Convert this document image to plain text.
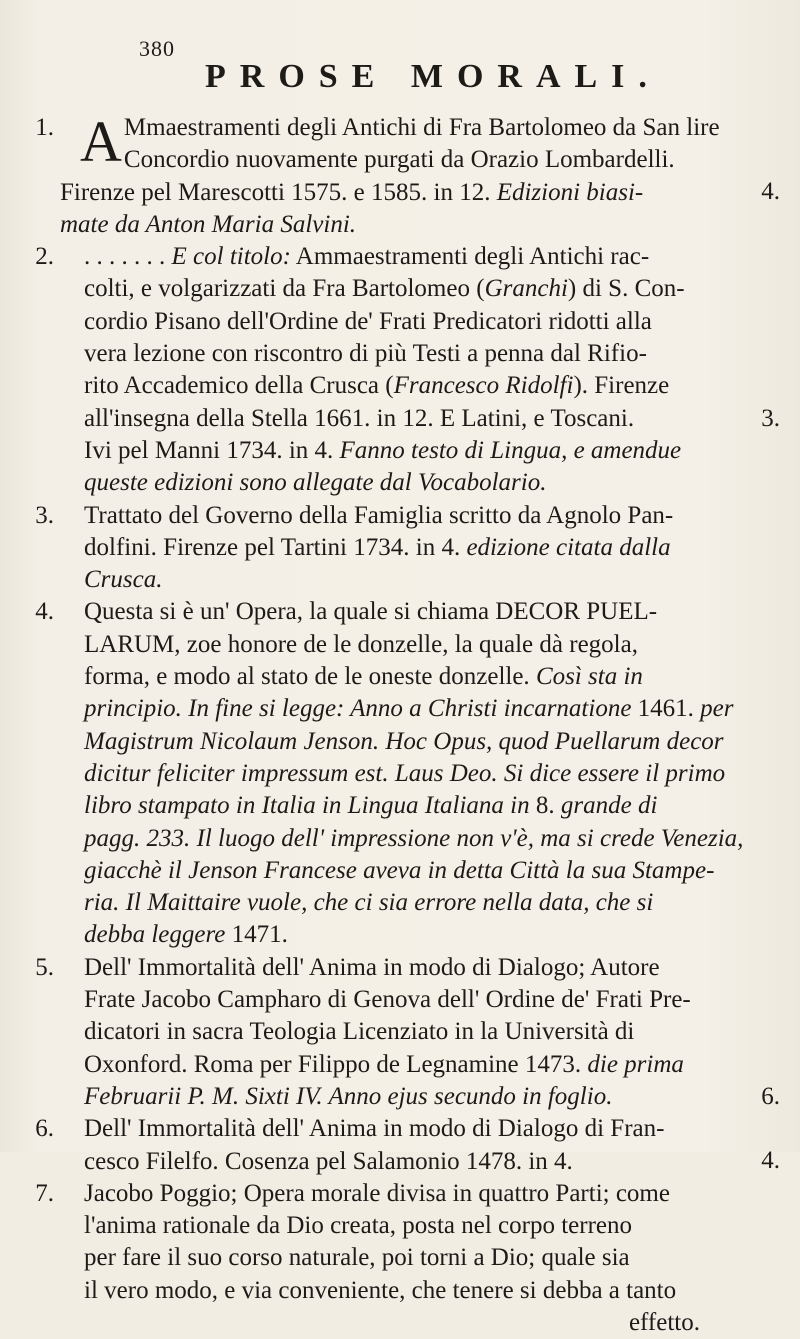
380
PROSE MORALI.
1. A Mmaestramenti degli Antichi di Fra Bartolomeo da San lire
Concordio nuovamente purgati da Orazio Lombardelli.
Firenze pel Marescotti 1575. e 1585. in 12. Edizioni biasi-
mate da Anton Maria Salvini.
4.
2. . . . . . . . E col titolo: Ammaestramenti degli Antichi rac-
colti, e volgarizzati da Fra Bartolomeo (Granchi) di S. Con-
cordio Pisano dell'Ordine de' Frati Predicatori ridotti alla
vera lezione con riscontro di più Testi a penna dal Rifio-
rito Accademico della Crusca (Francesco Ridolfi). Firenze
all'insegna della Stella 1661. in 12. E Latini, e Toscani.	3.
Ivi pel Manni 1734. in 4. Fanno testo di Lingua, e amendue
queste edizioni sono allegate dal Vocabolario.
3. Trattato del Governo della Famiglia scritto da Agnolo Pan-
dolfini. Firenze pel Tartini 1734. in 4. edizione citata dalla
Crusca.
4. Questa si è un' Opera, la quale si chiama DECOR PUEL-
LARUM, zoe honore de le donzelle, la quale dà regola,
forma, e modo al stato de le oneste donzelle. Così sta in
principio. In fine si legge: Anno a Christi incarnatione 1461. per
Magistrum Nicolaum Jenson. Hoc Opus, quod Puellarum decor
dicitur feliciter impressum est. Laus Deo. Si dice essere il primo
libro stampato in Italia in Lingua Italiana in 8. grande di
pagg. 233. Il luogo dell' impressione non v'è, ma si crede Venezia,
giacchè il Jenson Francese aveva in detta Città la sua Stampe-
ria. Il Maittaire vuole, che ci sia errore nella data, che si
debba leggere 1471.
5. Dell' Immortalità dell' Anima in modo di Dialogo; Autore
Frate Jacobo Campharo di Genova dell' Ordine de' Frati Pre-
dicatori in sacra Teologia Licenziato in la Università di
Oxonford. Roma per Filippo de Legnamine 1473. die prima
Februarii P. M. Sixti IV. Anno ejus secundo in foglio.	6.
6. Dell' Immortalità dell' Anima in modo di Dialogo di Fran-
cesco Filelfo. Cosenza pel Salamonio 1478. in 4.	4.
7. Jacobo Poggio; Opera morale divisa in quattro Parti; come
l'anima rationale da Dio creata, posta nel corpo terreno
per fare il suo corso naturale, poi torni a Dio; quale sia
il vero modo, e via conveniente, che tenere si debba a tanto
effetto.
